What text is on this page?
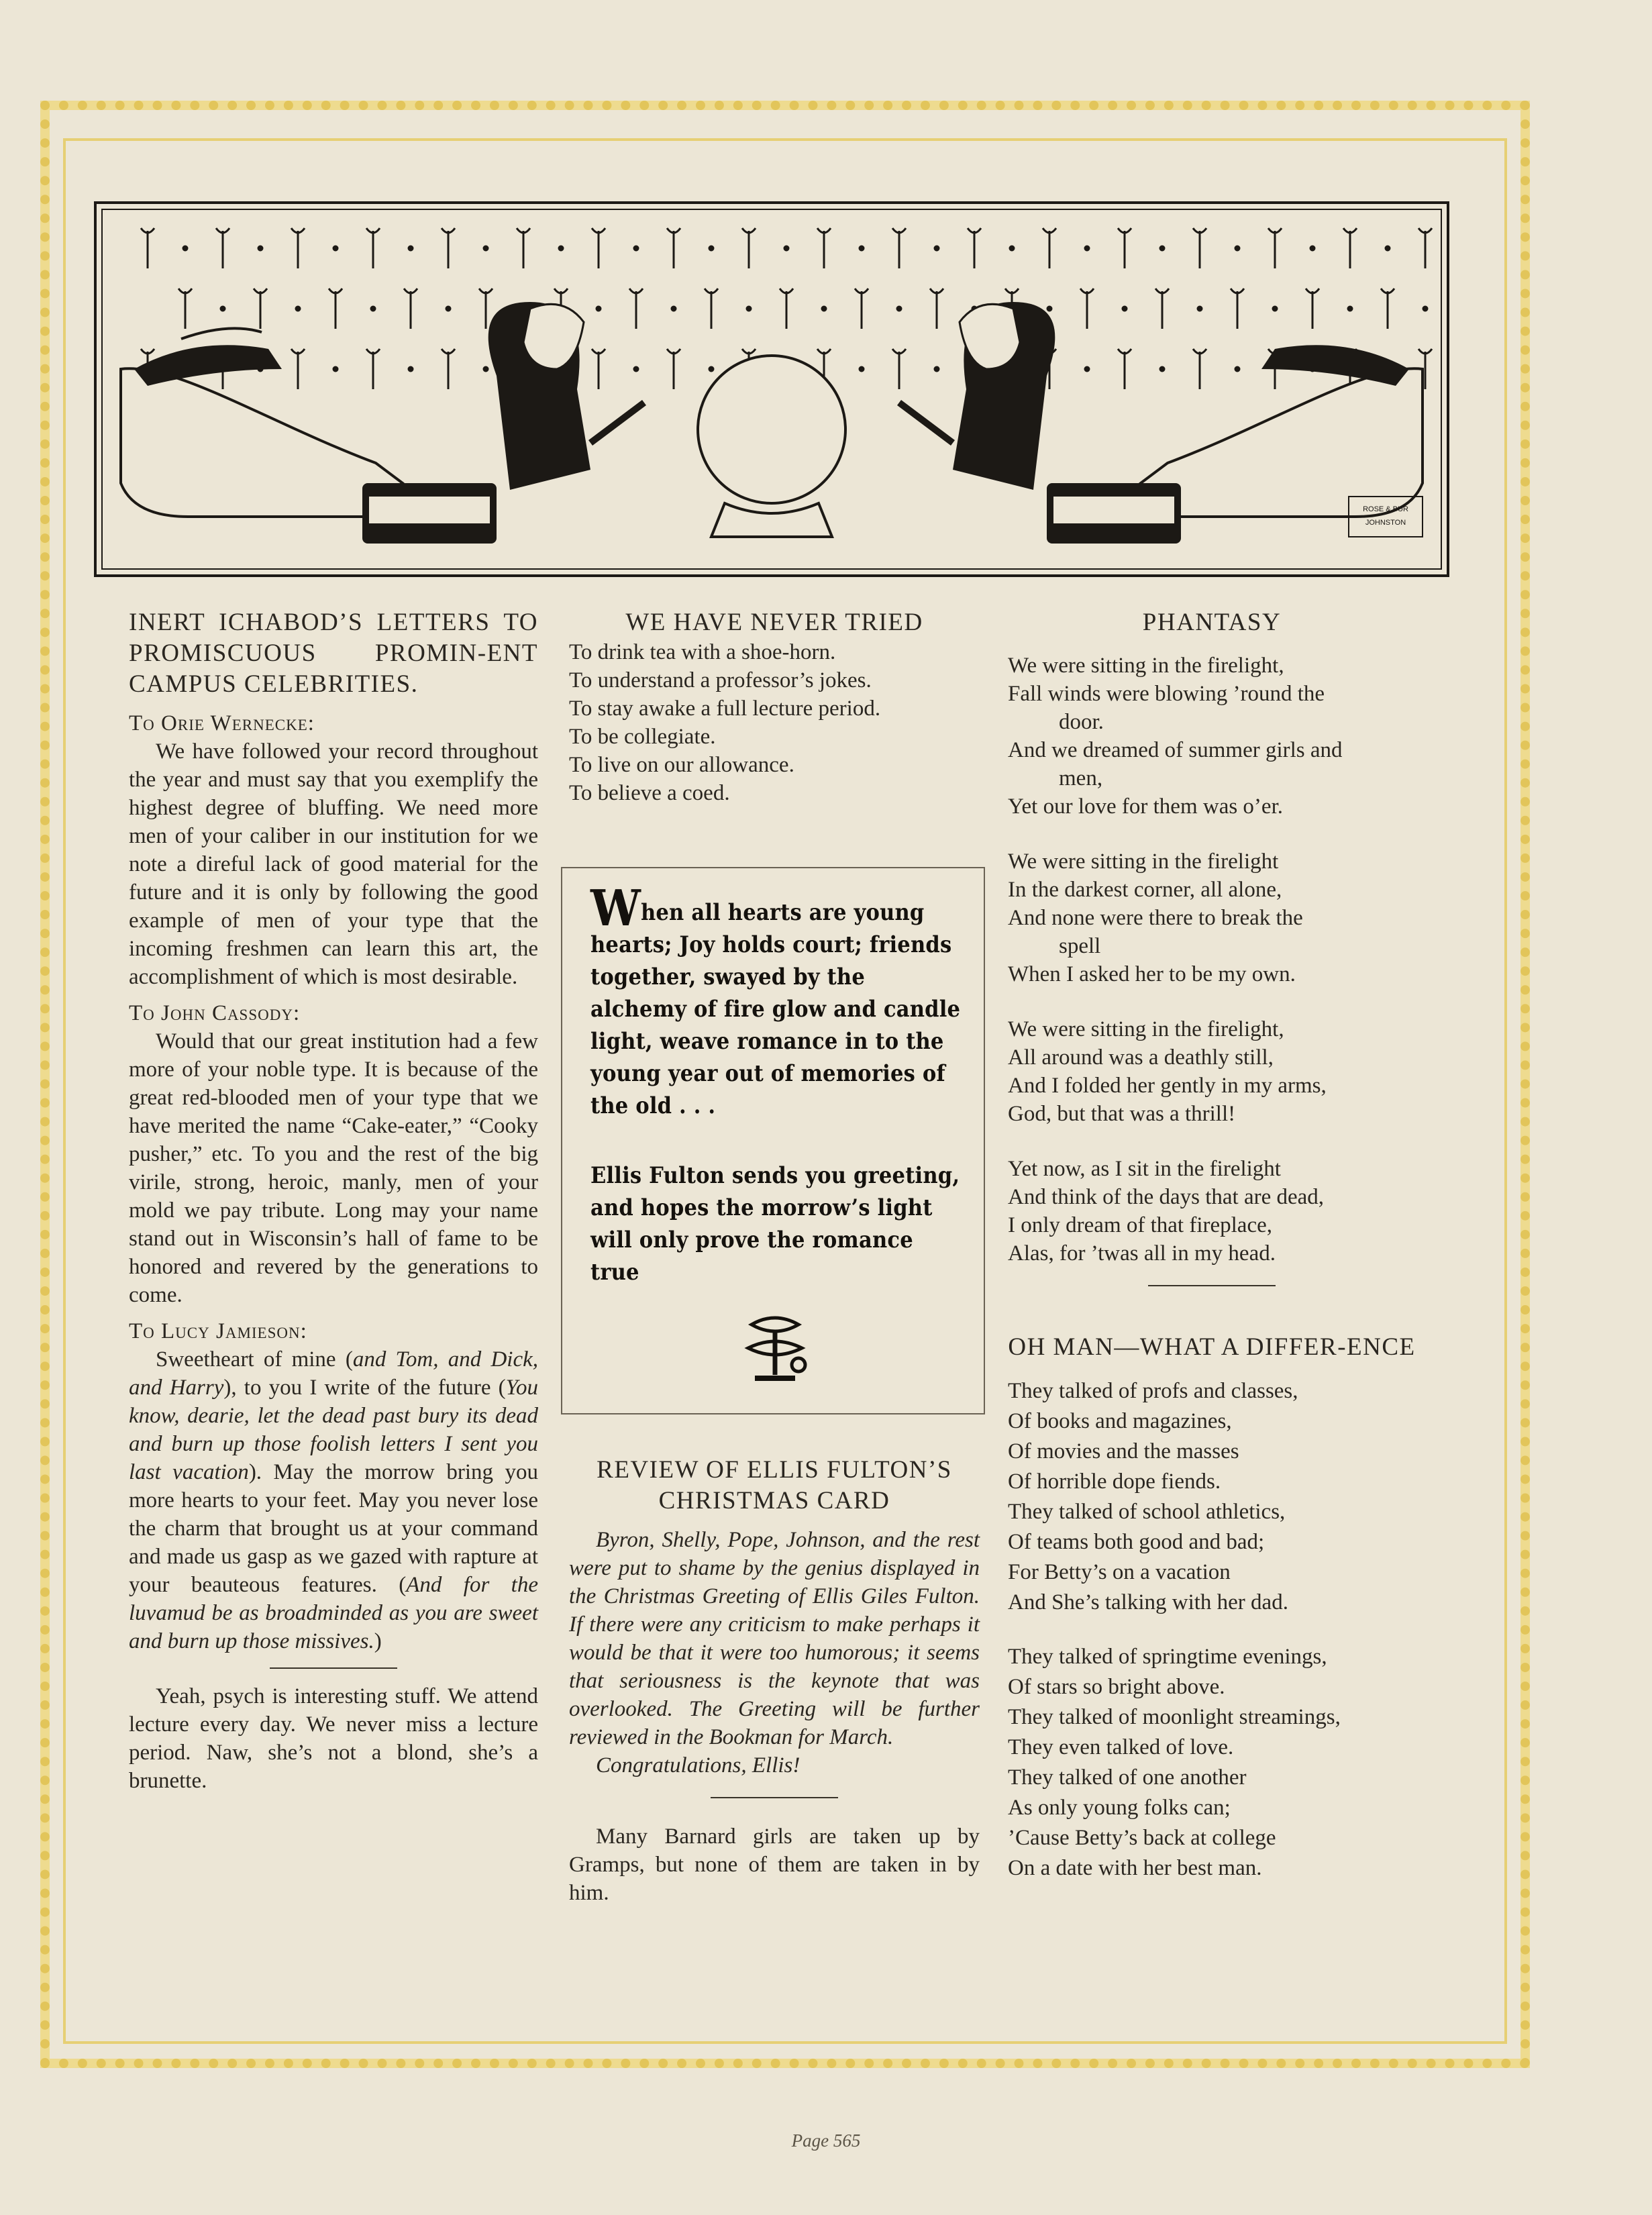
ROSE & BUR
JOHNSTON
INERT ICHABOD’S LETTERS TO PROMISCUOUS PROMIN-ENT CAMPUS CELEBRITIES.

To Orie Wernecke:

We have followed your record throughout the year and must say that you exemplify the highest degree of bluffing. We need more men of your caliber in our institution for we note a direful lack of good material for the future and it is only by following the good example of men of your type that the incoming freshmen can learn this art, the accomplishment of which is most desirable.

To John Cassody:

Would that our great institution had a few more of your noble type. It is because of the great red-blooded men of your type that we have merited the name “Cake-eater,” “Cooky pusher,” etc. To you and the rest of the big virile, strong, heroic, manly, men of your mold we pay tribute. Long may your name stand out in Wisconsin’s hall of fame to be honored and revered by the generations to come.

To Lucy Jamieson:

Sweetheart of mine (and Tom, and Dick, and Harry), to you I write of the future (You know, dearie, let the dead past bury its dead and burn up those foolish letters I sent you last vacation). May the morrow bring you more hearts to your feet. May you never lose the charm that brought us at your command and made us gasp as we gazed with rapture at your beauteous features. (And for the luvamud be as broadminded as you are sweet and burn up those missives.)

Yeah, psych is interesting stuff. We attend lecture every day. We never miss a lecture period. Naw, she’s not a blond, she’s a brunette.

WE HAVE NEVER TRIED
To drink tea with a shoe-horn.
To understand a professor’s jokes.
To stay awake a full lecture period.
To be collegiate.
To live on our allowance.
To believe a coed.
When all hearts are young hearts; Joy holds court; friends together, swayed by the alchemy of fire glow and candle light, weave romance in to the young year out of memories of the old . . .
Ellis Fulton sends you greeting, and hopes the morrow’s light will only prove the romance true
REVIEW OF ELLIS FULTON’S CHRISTMAS CARD

Byron, Shelly, Pope, Johnson, and the rest were put to shame by the genius displayed in the Christmas Greeting of Ellis Giles Fulton. If there were any criticism to make perhaps it would be that it were too humorous; it seems that seriousness is the keynote that was overlooked. The Greeting will be further reviewed in the Bookman for March.

Congratulations, Ellis!

Many Barnard girls are taken up by Gramps, but none of them are taken in by him.

PHANTASY
We were sitting in the firelight,
Fall winds were blowing ’round the
door.
And we dreamed of summer girls and
men,
Yet our love for them was o’er.
We were sitting in the firelight
In the darkest corner, all alone,
And none were there to break the
spell
When I asked her to be my own.
We were sitting in the firelight,
All around was a deathly still,
And I folded her gently in my arms,
God, but that was a thrill!
Yet now, as I sit in the firelight
And think of the days that are dead,
I only dream of that fireplace,
Alas, for ’twas all in my head.
OH MAN—WHAT A DIFFER-ENCE
They talked of profs and classes,
Of books and magazines,
Of movies and the masses
Of horrible dope fiends.
They talked of school athletics,
Of teams both good and bad;
For Betty’s on a vacation
And She’s talking with her dad.
They talked of springtime evenings,
Of stars so bright above.
They talked of moonlight streamings,
They even talked of love.
They talked of one another
As only young folks can;
’Cause Betty’s back at college
On a date with her best man.
Page 565
